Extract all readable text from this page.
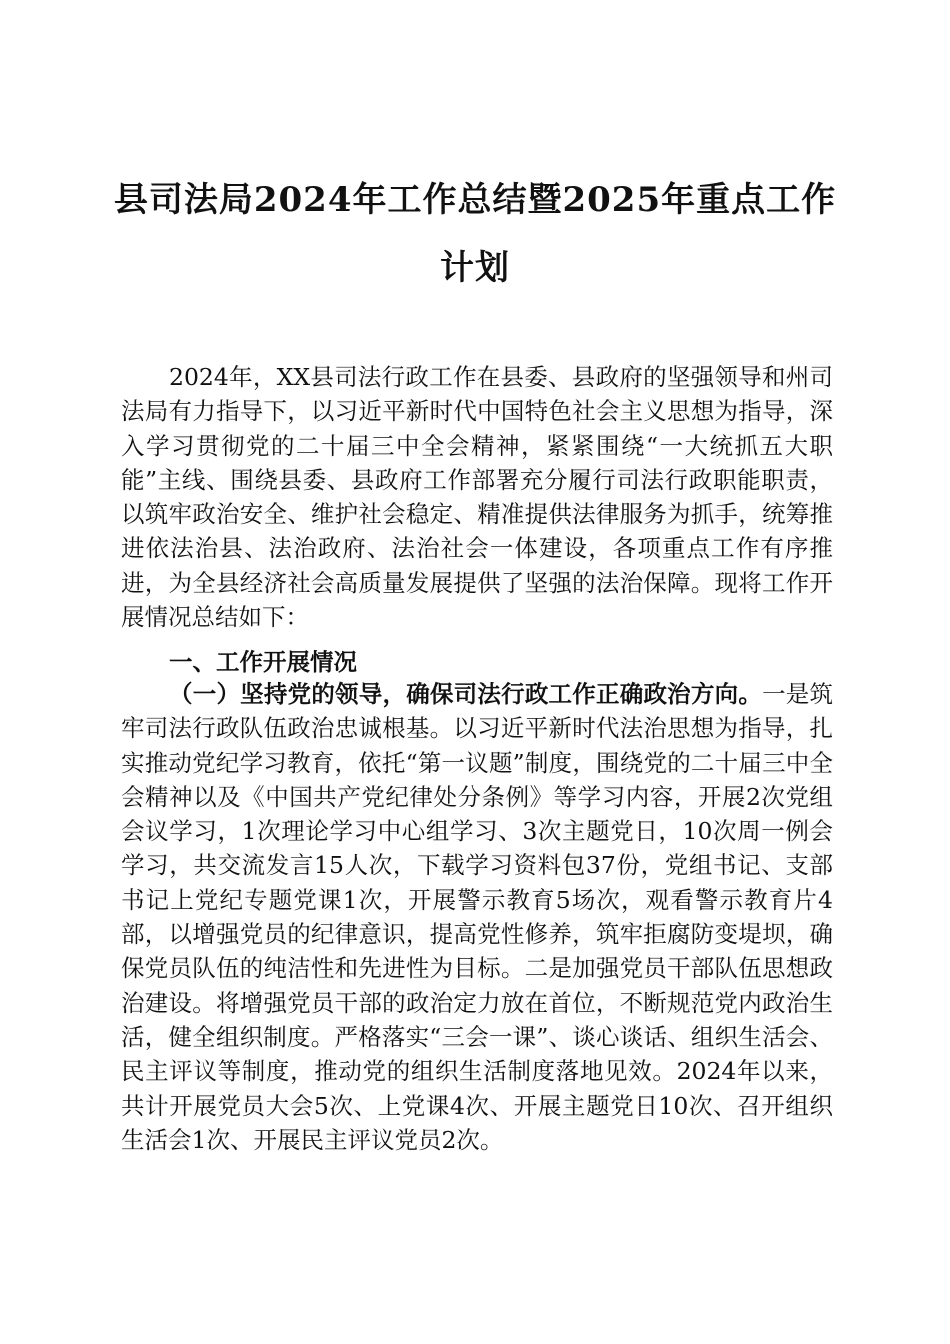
县司法局2024年工作总结暨2025年重点工作
计划

2024年，XX县司法行政工作在县委、县政府的坚强领导和州司法局有力指导下，以习近平新时代中国特色社会主义思想为指导，深入学习贯彻党的二十届三中全会精神，紧紧围绕“一大统抓五大职能”主线、围绕县委、县政府工作部署充分履行司法行政职能职责，以筑牢政治安全、维护社会稳定、精准提供法律服务为抓手，统筹推进依法治县、法治政府、法治社会一体建设，各项重点工作有序推进，为全县经济社会高质量发展提供了坚强的法治保障。现将工作开展情况总结如下：

一、工作开展情况

（一）坚持党的领导，确保司法行政工作正确政治方向。一是筑牢司法行政队伍政治忠诚根基。以习近平新时代法治思想为指导，扎实推动党纪学习教育，依托“第一议题”制度，围绕党的二十届三中全会精神以及《中国共产党纪律处分条例》等学习内容，开展2次党组会议学习，1次理论学习中心组学习、3次主题党日，10次周一例会学习，共交流发言15人次，下载学习资料包37份，党组书记、支部书记上党纪专题党课1次，开展警示教育5场次，观看警示教育片4部，以增强党员的纪律意识，提高党性修养，筑牢拒腐防变堤坝，确保党员队伍的纯洁性和先进性为目标。二是加强党员干部队伍思想政治建设。将增强党员干部的政治定力放在首位，不断规范党内政治生活，健全组织制度。严格落实“三会一课”、谈心谈话、组织生活会、民主评议等制度，推动党的组织生活制度落地见效。2024年以来，共计开展党员大会5次、上党课4次、开展主题党日10次、召开组织生活会1次、开展民主评议党员2次。
